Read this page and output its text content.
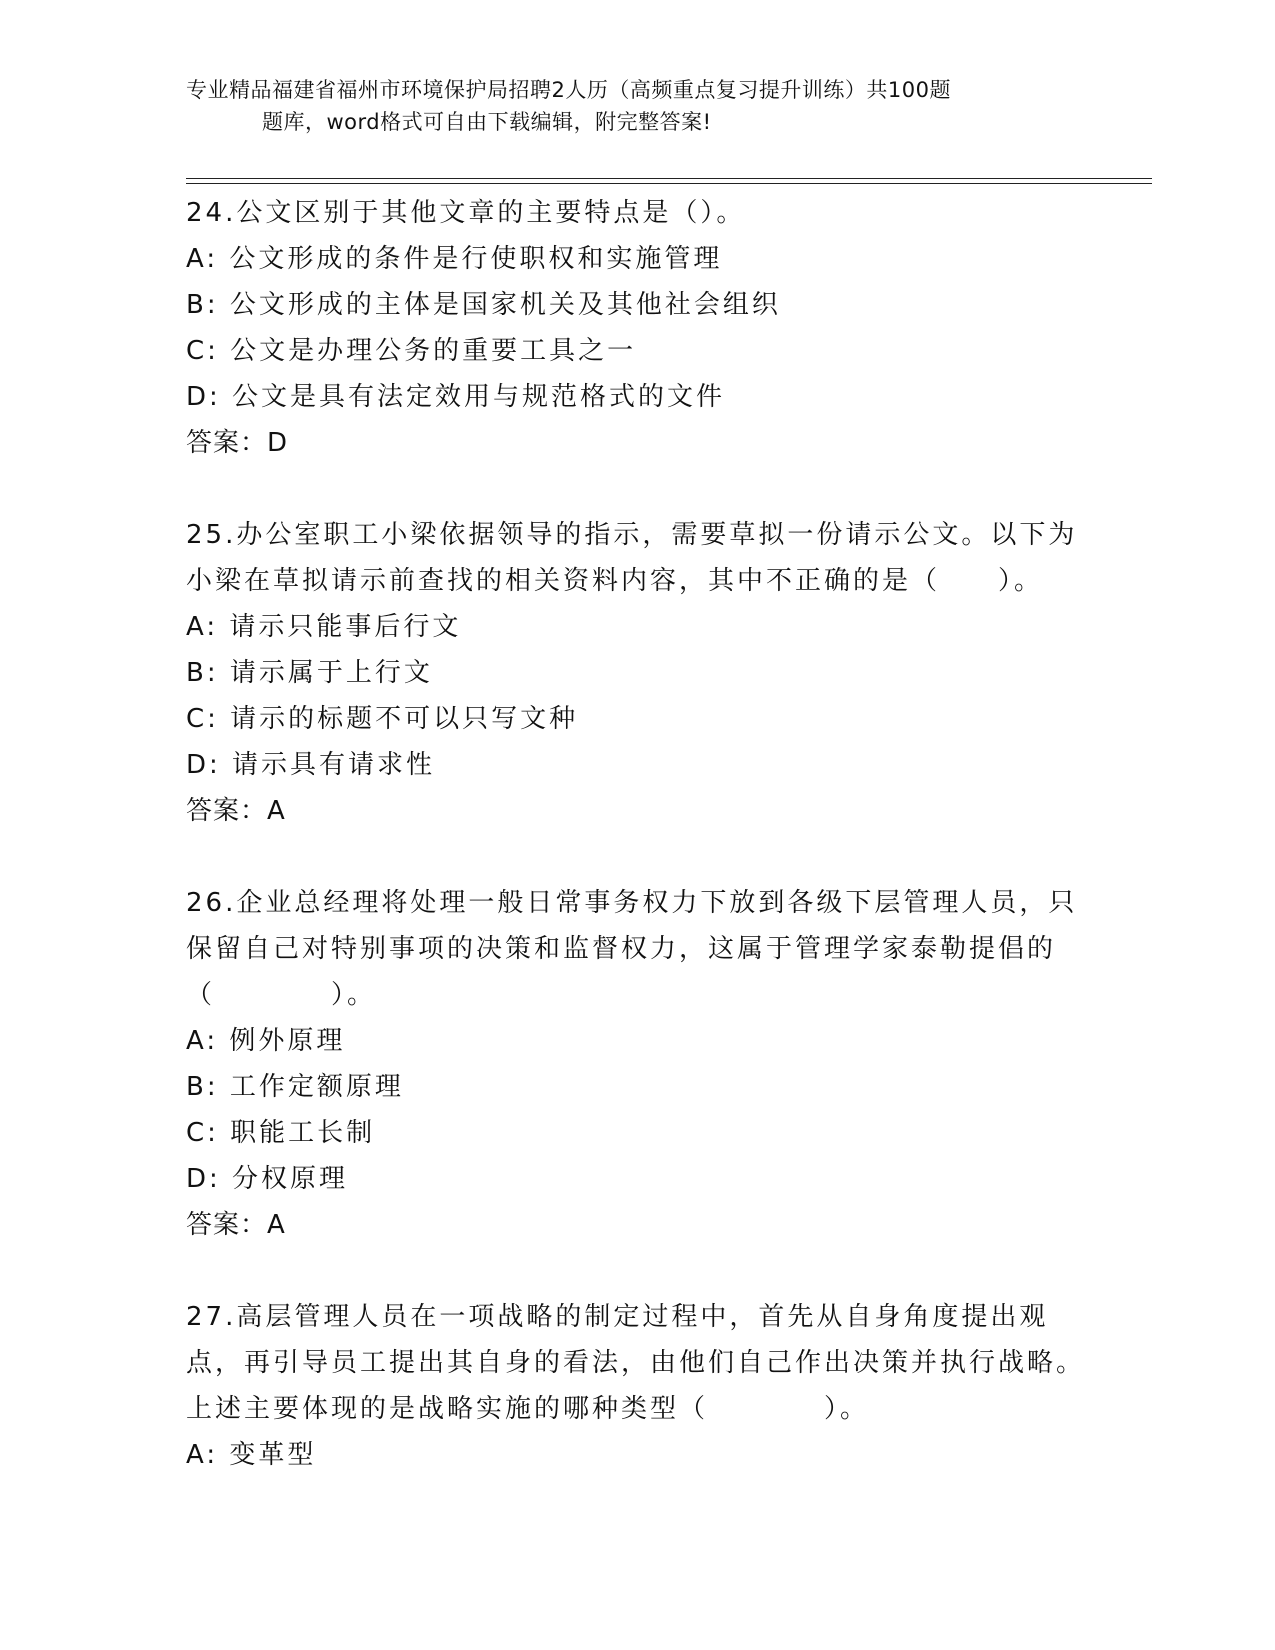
专业精品福建省福州市环境保护局招聘2人历（高频重点复习提升训练）共100题
题库，word格式可自由下载编辑，附完整答案!

24.公文区别于其他文章的主要特点是（）。

A: 公文形成的条件是行使职权和实施管理

B: 公文形成的主体是国家机关及其他社会组织

C: 公文是办理公务的重要工具之一

D: 公文是具有法定效用与规范格式的文件

答案：D

25.办公室职工小梁依据领导的指示，需要草拟一份请示公文。以下为小梁在草拟请示前查找的相关资料内容，其中不正确的是（　　）。

A: 请示只能事后行文

B: 请示属于上行文

C: 请示的标题不可以只写文种

D: 请示具有请求性

答案：A

26.企业总经理将处理一般日常事务权力下放到各级下层管理人员，只保留自己对特别事项的决策和监督权力，这属于管理学家泰勒提倡的（　　　　）。

A: 例外原理

B: 工作定额原理

C: 职能工长制

D: 分权原理

答案：A

27.高层管理人员在一项战略的制定过程中，首先从自身角度提出观点，再引导员工提出其自身的看法，由他们自己作出决策并执行战略。上述主要体现的是战略实施的哪种类型（　　　　）。

A: 变革型
